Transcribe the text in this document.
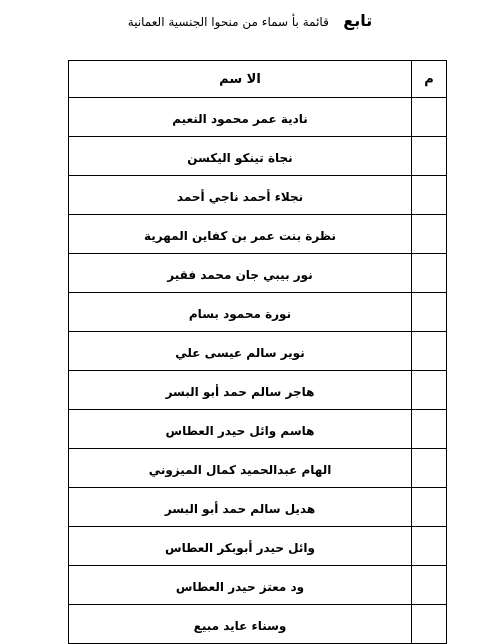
تابع قائمة بأ سماء من منحوا الجنسية العمانية
م	الا سم
	نادية عمر محمود النعيم
	نجاة تينكو اليكسن
	نجلاء أحمد ناجي أحمد
	نظرة بنت عمر بن كفاين المهرية
	نور بيبي جان محمد فقير
	نورة محمود بسام
	نوير سالم عيسى علي
	هاجر سالم حمد أبو البسر
	هاسم وائل حيدر العطاس
	الهام عبدالحميد كمال الميزوني
	هديل سالم حمد أبو البسر
	وائل حيدر أبوبكر العطاس
	ود معتز حيدر العطاس
	وسناء عايد مبيع
